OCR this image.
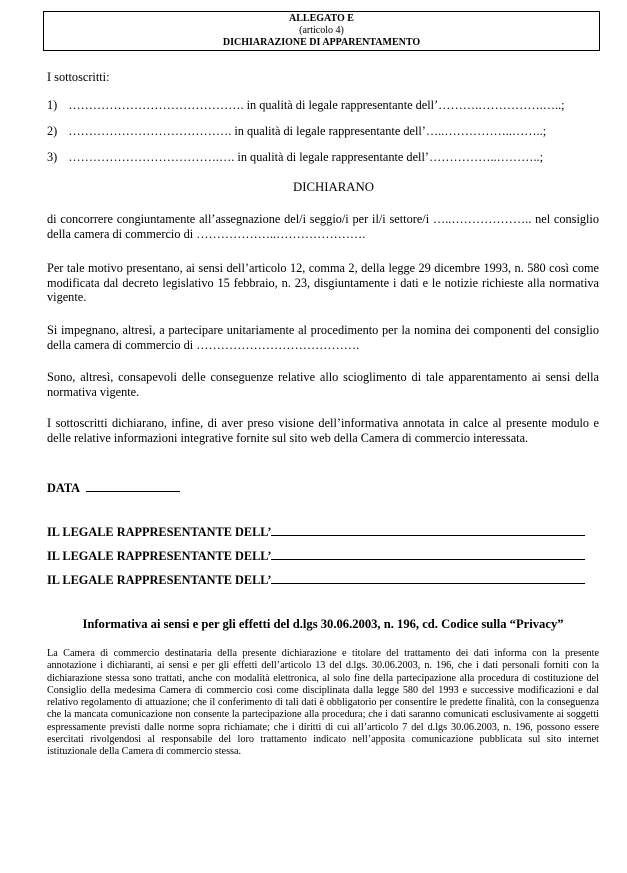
ALLEGATO E
(articolo 4)
DICHIARAZIONE DI APPARENTAMENTO
I sottoscritti:
1) ……………………………………. in qualità di legale rappresentante dell’……….…………….…..;
2) …………………………………. in qualità di legale rappresentante dell’…..……………..……..;
3) ……………………………….…. in qualità di legale rappresentante dell’……………..………..;
DICHIARANO
di concorrere congiuntamente all’assegnazione del/i seggio/i per il/i settore/i …..……………….. nel consiglio della camera di commercio di ………………..………………….
Per tale motivo presentano, ai sensi dell’articolo 12, comma 2, della legge 29 dicembre 1993, n. 580 così come modificata dal decreto legislativo 15 febbraio, n. 23, disgiuntamente i dati e le notizie richieste alla normativa vigente.
Si impegnano, altresì, a partecipare unitariamente al procedimento per la nomina dei componenti del consiglio della camera di commercio di ………………………………….
Sono, altresì, consapevoli delle conseguenze relative allo scioglimento di tale apparentamento ai sensi della normativa vigente.
I sottoscritti dichiarano, infine, di aver preso visione dell’informativa annotata in calce al presente modulo e delle relative informazioni integrative fornite sul sito web della Camera di commercio interessata.
DATA
IL LEGALE RAPPRESENTANTE DELL’
IL LEGALE RAPPRESENTANTE DELL’
IL LEGALE RAPPRESENTANTE DELL’
Informativa ai sensi e per gli effetti del d.lgs 30.06.2003, n. 196, cd. Codice sulla “Privacy”
La Camera di commercio destinataria della presente dichiarazione e titolare del trattamento dei dati informa con la presente annotazione i dichiaranti, ai sensi e per gli effetti dell’articolo 13 del d.lgs. 30.06.2003, n. 196, che i dati personali forniti con la dichiarazione stessa sono trattati, anche con modalità elettronica, al solo fine della partecipazione alla procedura di costituzione del Consiglio della medesima Camera di commercio così come disciplinata dalla legge 580 del 1993 e successive modificazioni e dal relativo regolamento di attuazione; che il conferimento di tali dati è obbligatorio per consentire le predette finalità, con la conseguenza che la mancata comunicazione non consente la partecipazione alla procedura; che i dati saranno comunicati esclusivamente ai soggetti espressamente previsti dalle norme sopra richiamate; che i diritti di cui all’articolo 7 del d.lgs 30.06.2003, n. 196, possono essere esercitati rivolgendosi al responsabile del loro trattamento indicato nell’apposita comunicazione pubblicata sul sito internet istituzionale della Camera di commercio stessa.
